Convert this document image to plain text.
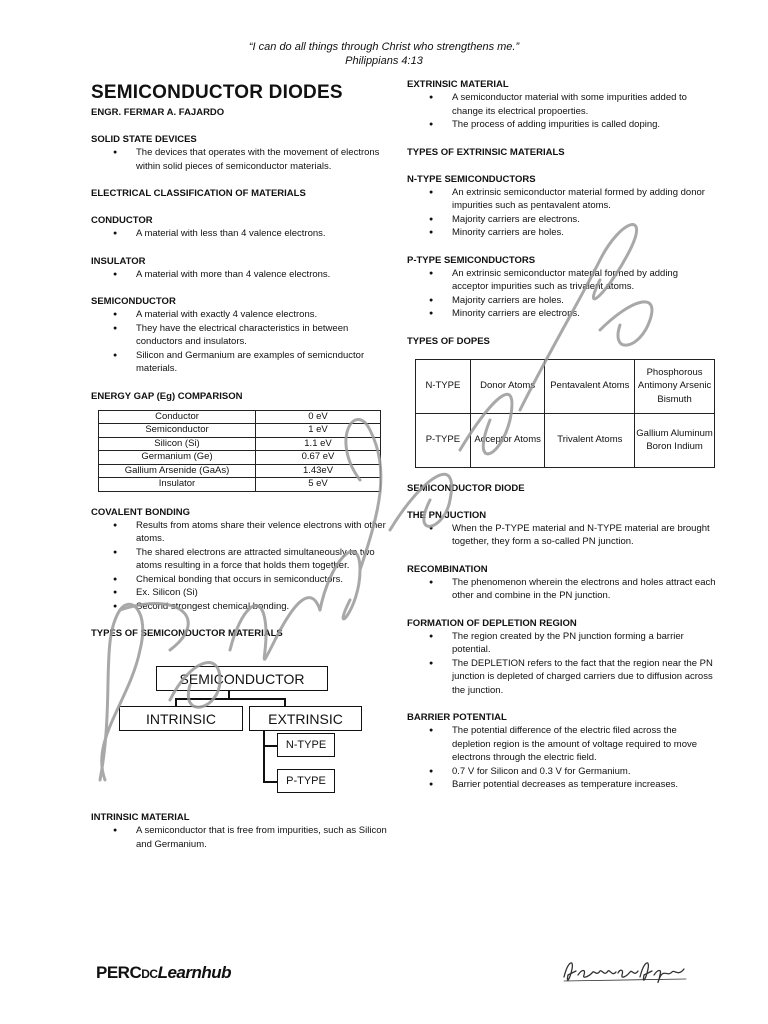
“I can do all things through Christ who strengthens me.”
Philippians 4:13
SEMICONDUCTOR DIODES
ENGR. FERMAR A. FAJARDO
SOLID STATE DEVICES
● The devices that operates with the movement of electrons within solid pieces of semiconductor materials.
ELECTRICAL CLASSIFICATION OF MATERIALS
CONDUCTOR
● A material with less than 4 valence electrons.
INSULATOR
● A material with more than 4 valence electrons.
SEMICONDUCTOR
● A material with exactly 4 valence electrons.
● They have the electrical characteristics in between conductors and insulators.
● Silicon and Germanium are examples of semicnductor materials.
ENERGY GAP (Eg) COMPARISON
Conductor	0 eV
Semiconductor	1 eV
Silicon (Si)	1.1 eV
Germanium (Ge)	0.67 eV
Gallium Arsenide (GaAs)	1.43eV
Insulator	5 eV
COVALENT BONDING
● Results from atoms share their velence electrons with other atoms.
● The shared electrons are attracted simultaneously to two atoms resulting in a force that holds them together.
● Chemical bonding that occurs in semiconductors.
● Ex. Silicon (Si)
● Second strongest chemical bonding.
TYPES OF SEMICONDUCTOR MATERIALS
SEMICONDUCTOR
INTRINSIC	EXTRINSIC
N-TYPE
P-TYPE
INTRINSIC MATERIAL
● A semiconductor that is free from impurities, such as Silicon and Germanium.
EXTRINSIC MATERIAL
● A semiconductor material with some impurities added to change its electrical propoerties.
● The process of adding impurities is called doping.
TYPES OF EXTRINSIC MATERIALS
N-TYPE SEMICONDUCTORS
● An extrinsic semiconductor material formed by adding donor impurities such as pentavalent atoms.
● Majority carriers are electrons.
● Minority carriers are holes.
P-TYPE SEMICONDUCTORS
● An extrinsic semiconductor material formed by adding acceptor impurities such as trivalent atoms.
● Majority carriers are holes.
● Minority carriers are electrons.
TYPES OF DOPES
N-TYPE	Donor Atoms	Pentavalent Atoms	Phosphorous Antimony Arsenic Bismuth
P-TYPE	Acceptor Atoms	Trivalent Atoms	Gallium Aluminum Boron Indium
SEMICONDUCTOR DIODE
THE PN JUCTION
● When the P-TYPE material and N-TYPE material are brought together, they form a so-called PN junction.
RECOMBINATION
● The phenomenon wherein the electrons and holes attract each other and combine in the PN junction.
FORMATION OF DEPLETION REGION
● The region created by the PN junction forming a barrier potential.
● The DEPLETION refers to the fact that the region near the PN junction is depleted of charged carriers due to diffusion across the junction.
BARRIER POTENTIAL
● The potential difference of the electric filed across the depletion region is the amount of voltage required to move electrons through the electric field.
● 0.7 V for Silicon and 0.3 V for Germanium.
● Barrier potential decreases as temperature increases.
PERCDCLearnhub
